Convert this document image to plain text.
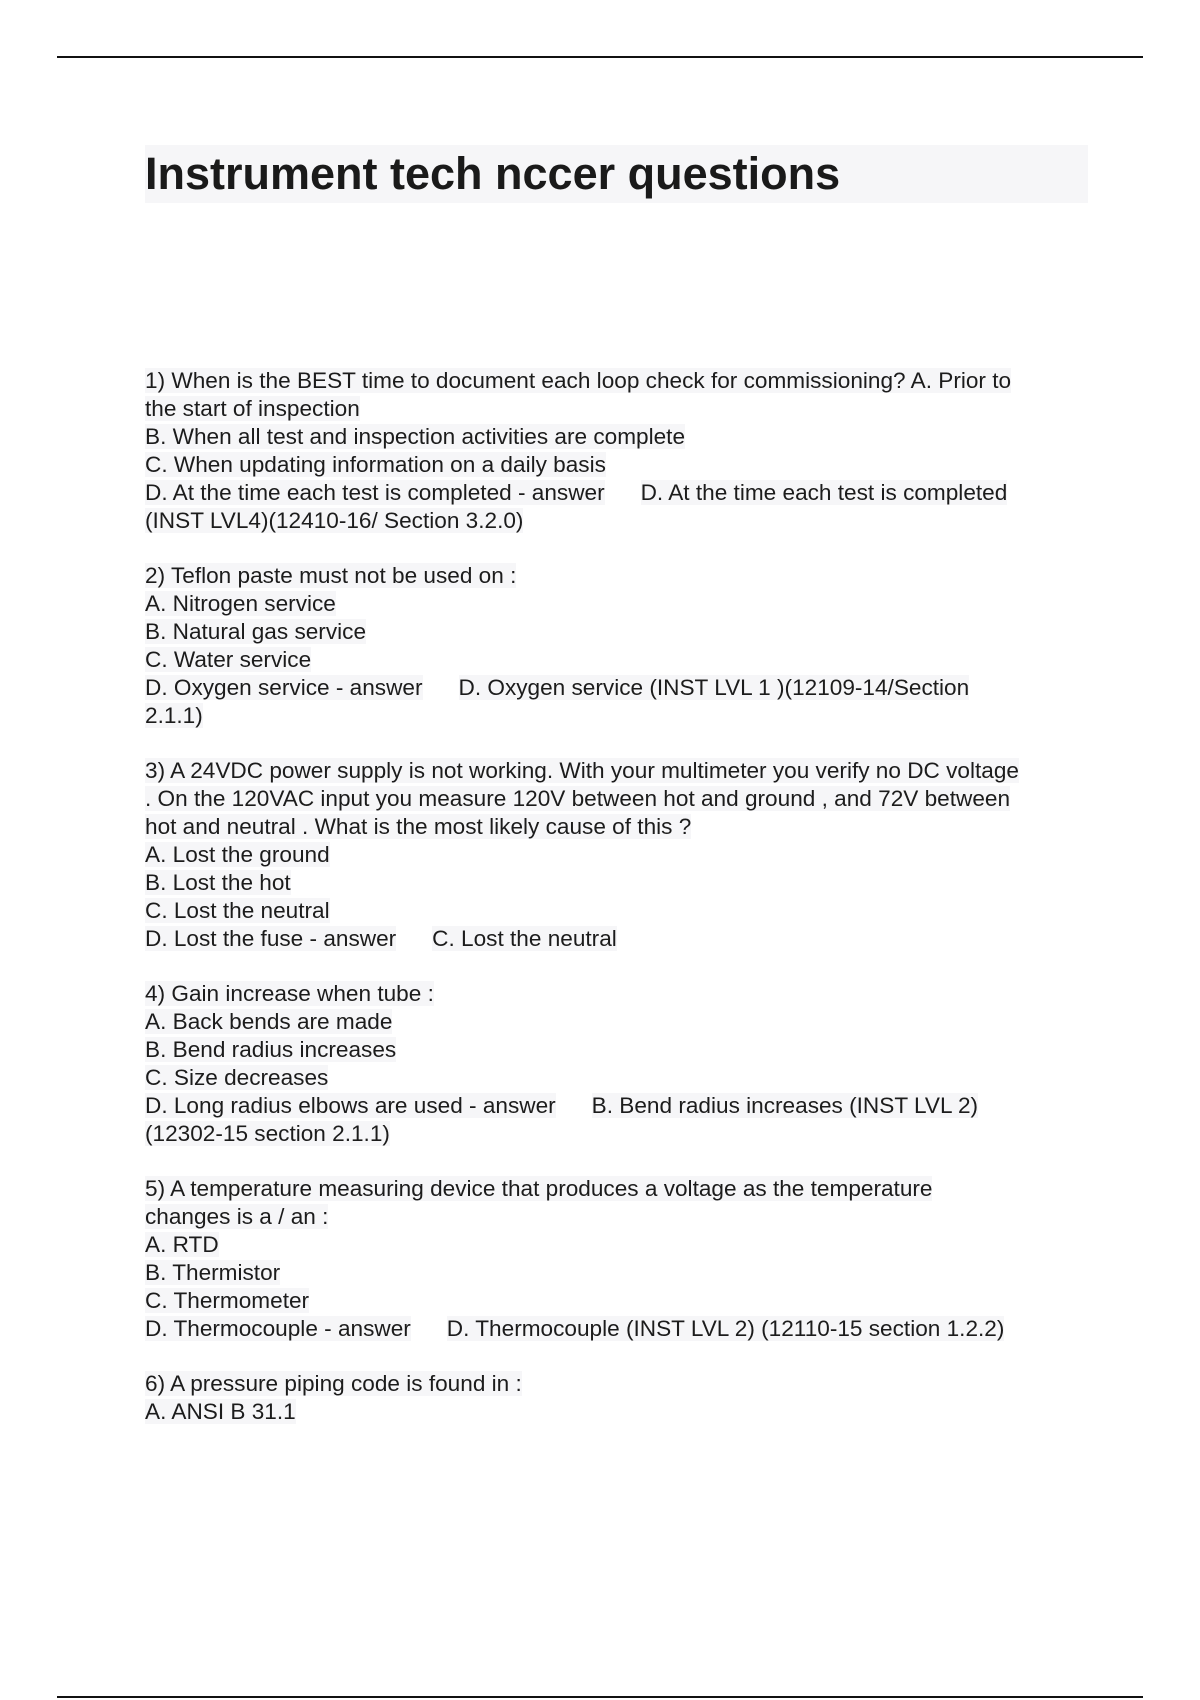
Instrument tech nccer questions
1) When is the BEST time to document each loop check for commissioning? A. Prior to
the start of inspection
B. When all test and inspection activities are complete
C. When updating information on a daily basis
D. At the time each test is completed - answer D. At the time each test is completed
(INST LVL4)(12410-16/ Section 3.2.0)
2) Teflon paste must not be used on :
A. Nitrogen service
B. Natural gas service
C. Water service
D. Oxygen service - answer D. Oxygen service (INST LVL 1 )(12109-14/Section
2.1.1)
3) A 24VDC power supply is not working. With your multimeter you verify no DC voltage
. On the 120VAC input you measure 120V between hot and ground , and 72V between
hot and neutral . What is the most likely cause of this ?
A. Lost the ground
B. Lost the hot
C. Lost the neutral
D. Lost the fuse - answer C. Lost the neutral
4) Gain increase when tube :
A. Back bends are made
B. Bend radius increases
C. Size decreases
D. Long radius elbows are used - answer B. Bend radius increases (INST LVL 2)
(12302-15 section 2.1.1)
5) A temperature measuring device that produces a voltage as the temperature
changes is a / an :
A. RTD
B. Thermistor
C. Thermometer
D. Thermocouple - answer D. Thermocouple (INST LVL 2) (12110-15 section 1.2.2)
6) A pressure piping code is found in :
A. ANSI B 31.1
